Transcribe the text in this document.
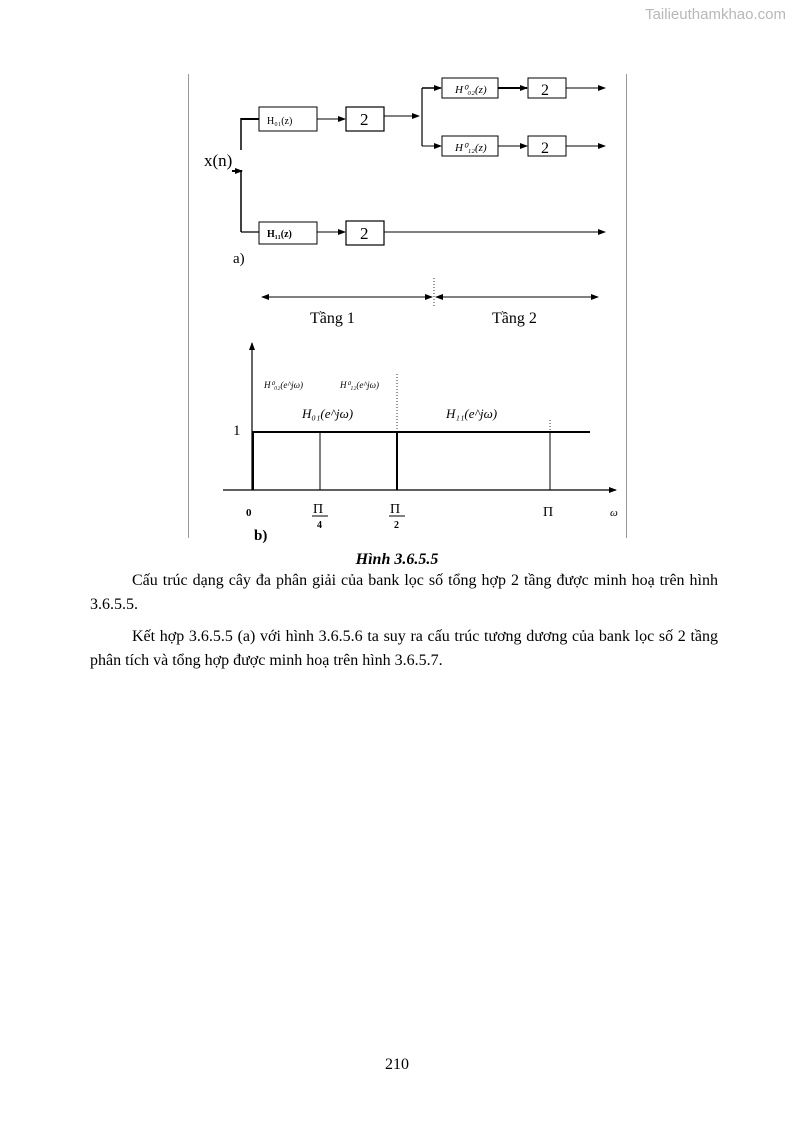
Tailieuthamkhao.com
x(n)
H₀₁(z)	2
H⁰₀₂(z)	2
H⁰₁₂(z)	2
H₁₁(z)	2
a)
Tầng 1	Tầng 2
1
H⁰₀₂(e^jω)	H⁰₁₂(e^jω)
H₀₁(e^jω)	H₁₁(e^jω)
0	Π
4
Π
2
Π	ω
b)
Hình 3.6.5.5

Cấu trúc dạng cây đa phân giải của bank lọc số tổng hợp 2 tầng được minh hoạ trên hình 3.6.5.5.

Kết hợp 3.6.5.5 (a) với hình 3.6.5.6 ta suy ra cấu trúc tương dương của bank lọc số 2 tầng phân tích và tổng hợp được minh hoạ trên hình 3.6.5.7.

210
